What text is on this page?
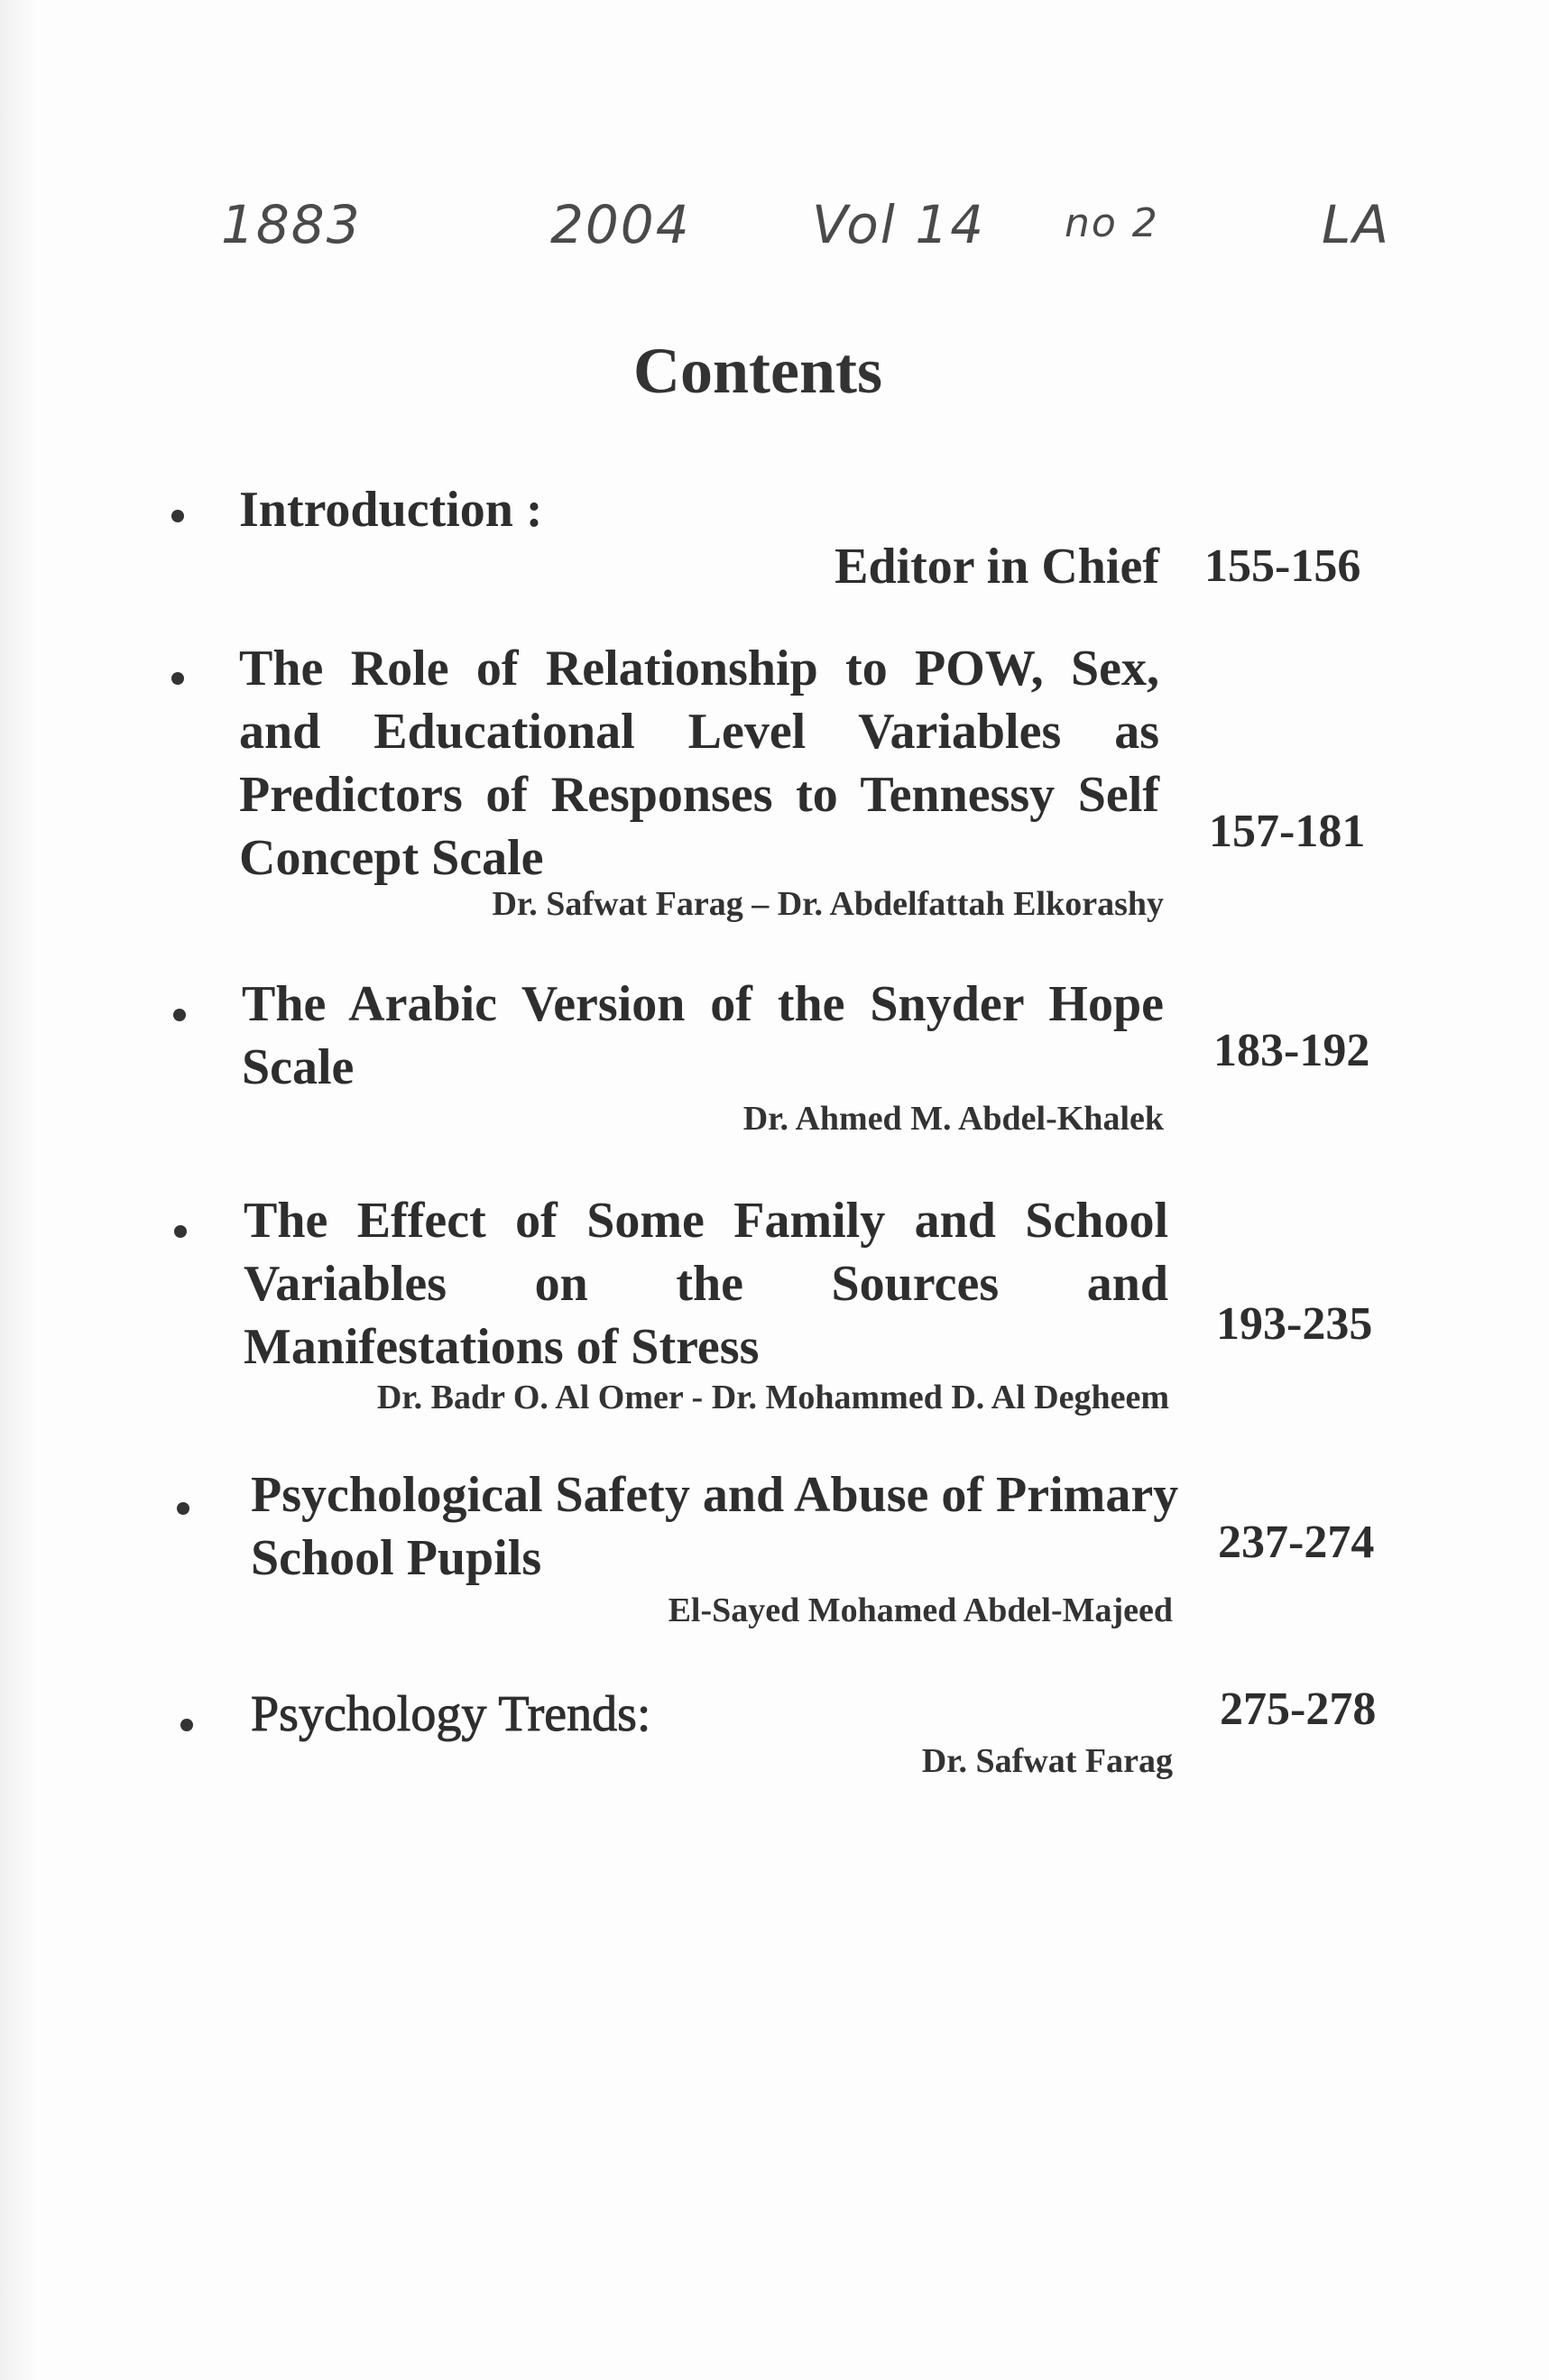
1883	2004 Vol 14 no 2	LA
Contents
Introduction :
Editor in Chief 155-156
The Role of Relationship to POW, Sex, and Educational Level Variables as Predictors of Responses to Tennessy Self Concept Scale
Dr. Safwat Farag – Dr. Abdelfattah Elkorashy
157-181
The Arabic Version of the Snyder Hope Scale
Dr. Ahmed M. Abdel-Khalek
183-192
The Effect of Some Family and School Variables on the Sources and Manifestations of Stress
Dr. Badr O. Al Omer - Dr. Mohammed D. Al Degheem
193-235
Psychological Safety and Abuse of Primary School Pupils
El-Sayed Mohamed Abdel-Majeed
237-274
Psychology Trends:
Dr. Safwat Farag
275-278
